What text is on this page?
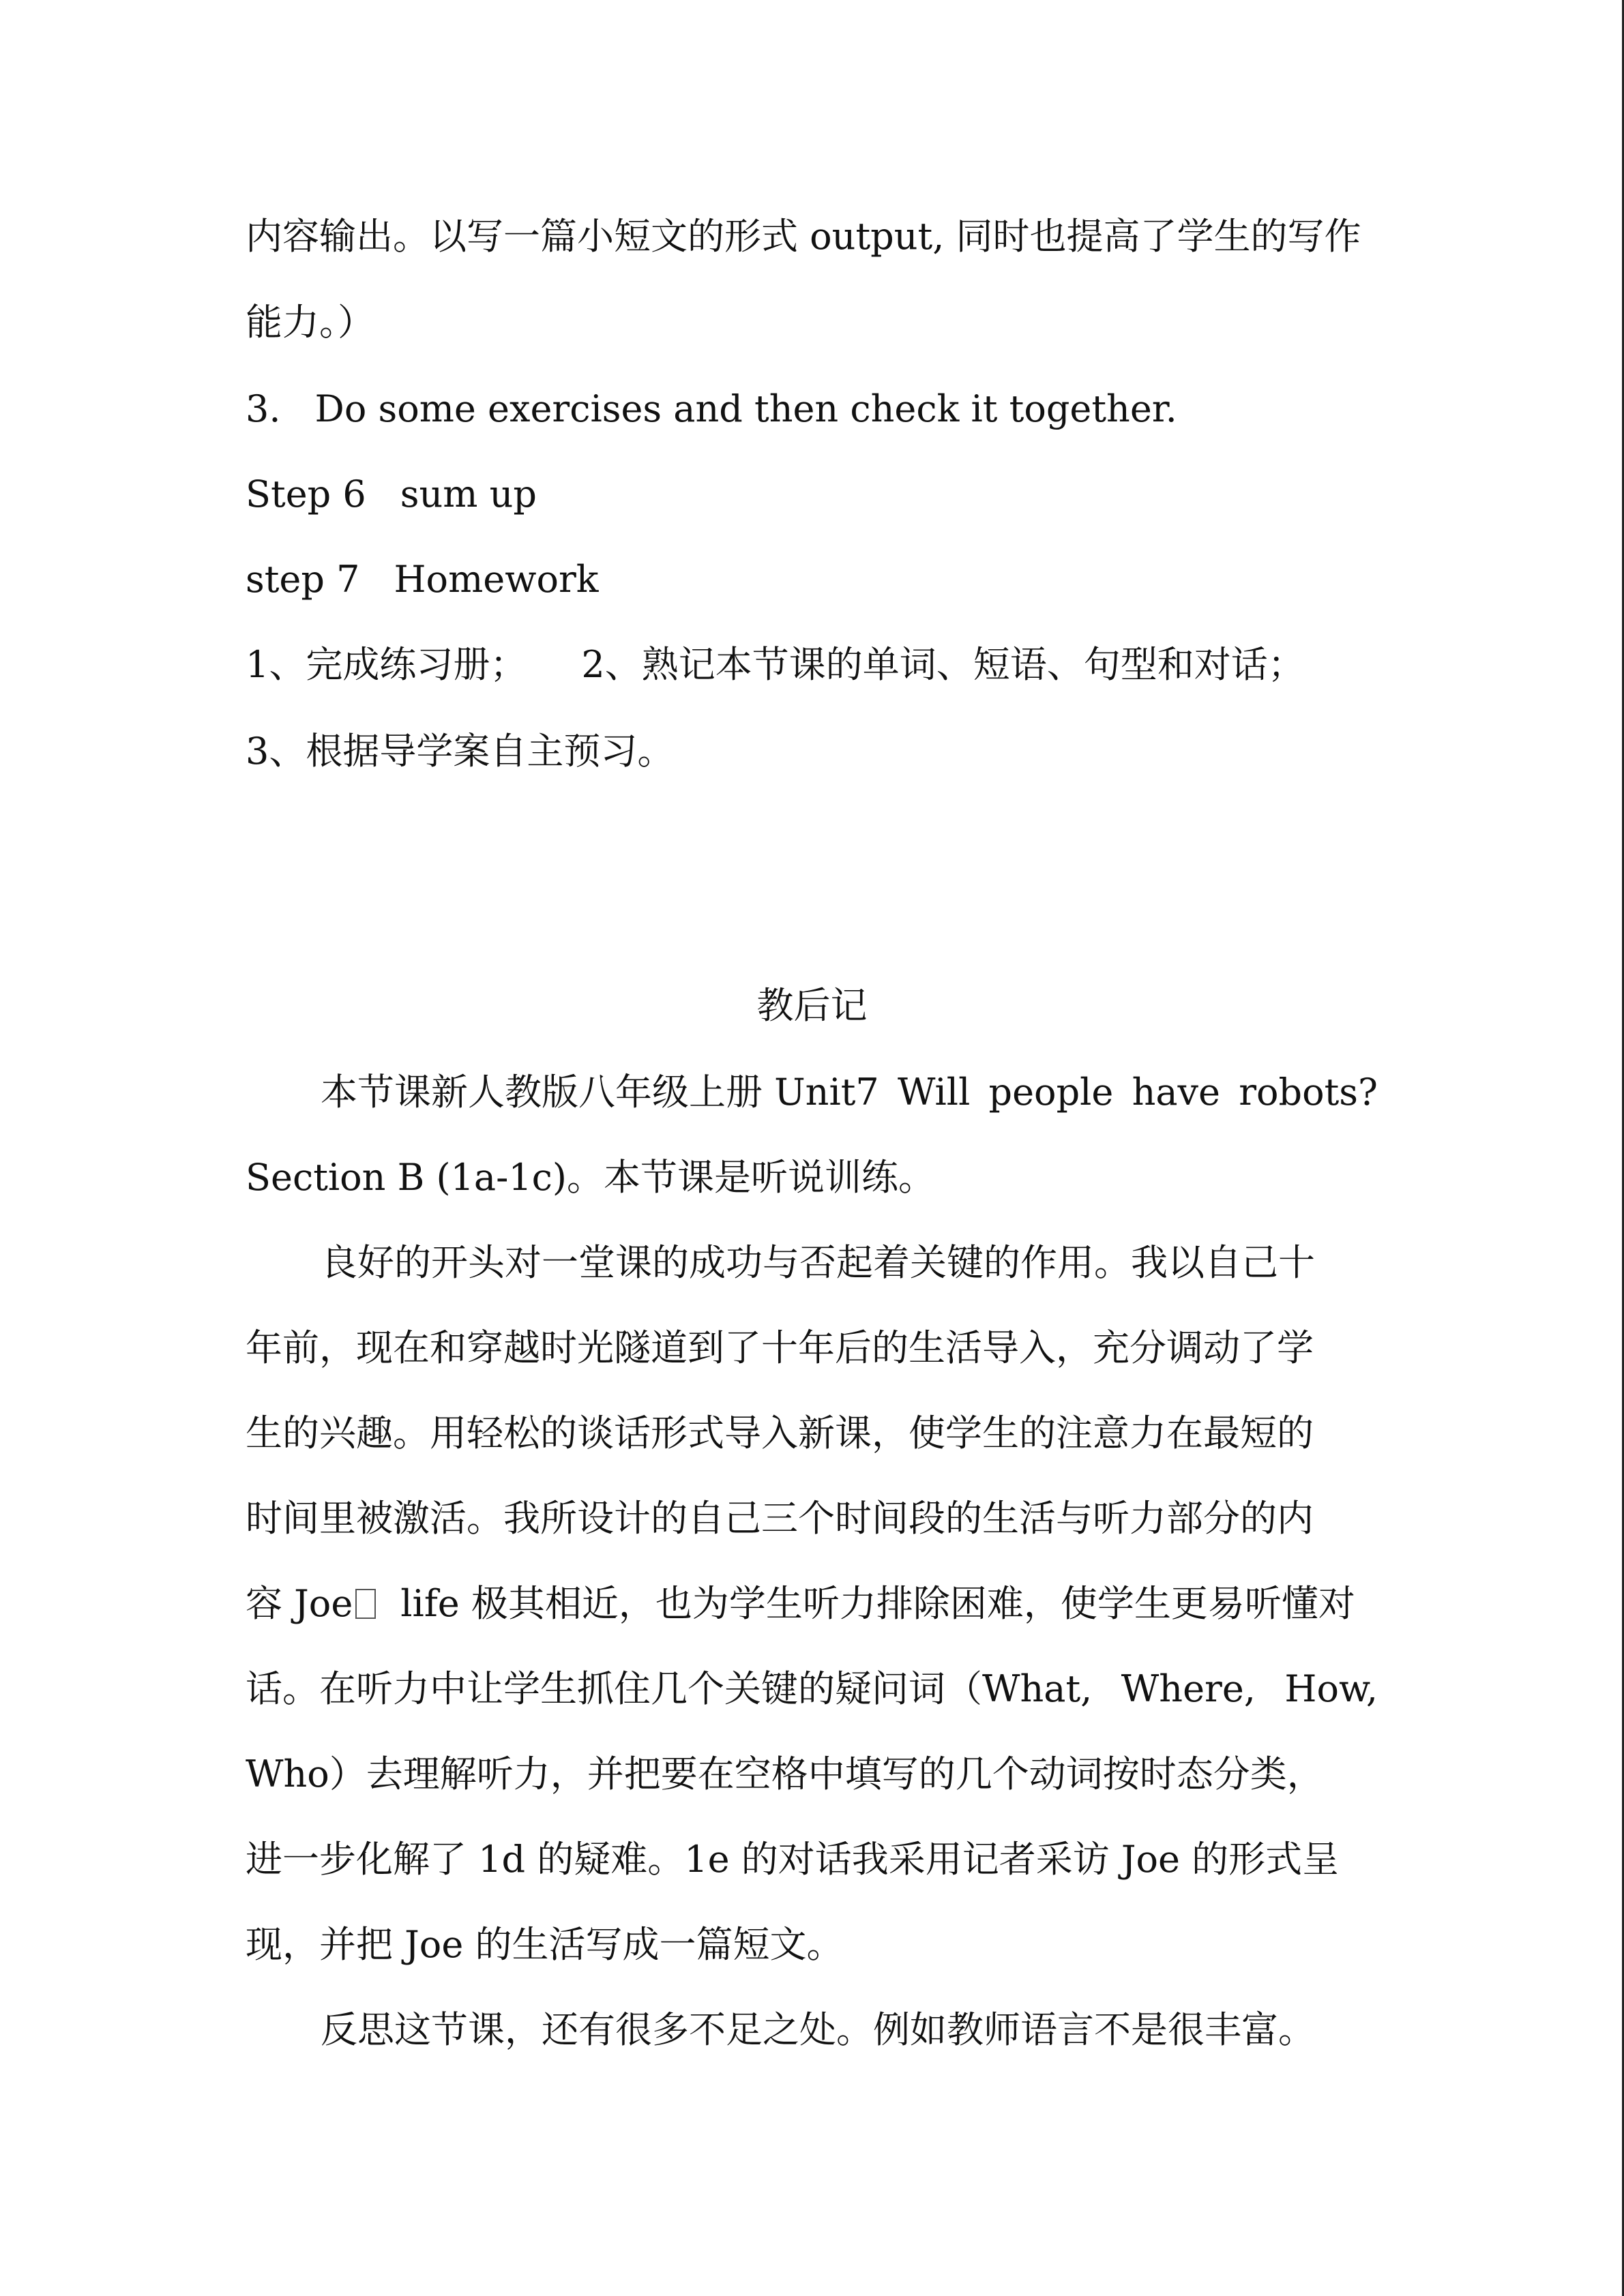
内容输出。以写一篇小短文的形式 output, 同时也提高了学生的写作
能力。）
3. Do some exercises and then check it together.
Step 6 sum up
step 7 Homework
1、完成练习册； 2、熟记本节课的单词、短语、句型和对话；
3、根据导学案自主预习。
教后记
本节课新人教版八年级上册 Unit7 Will people have robots?
Section B (1a-1c)。本节课是听说训练。
良好的开头对一堂课的成功与否起着关键的作用。我以自己十
年前，现在和穿越时光隧道到了十年后的生活导入，充分调动了学
生的兴趣。用轻松的谈话形式导入新课，使学生的注意力在最短的
时间里被激活。我所设计的自己三个时间段的生活与听力部分的内
容 Joe life 极其相近，也为学生听力排除困难，使学生更易听懂对
话。在听力中让学生抓住几个关键的疑问词（What, Where, How,
Who）去理解听力，并把要在空格中填写的几个动词按时态分类，
进一步化解了 1d 的疑难。1e 的对话我采用记者采访 Joe 的形式呈
现，并把 Joe 的生活写成一篇短文。
反思这节课，还有很多不足之处。例如教师语言不是很丰富。
